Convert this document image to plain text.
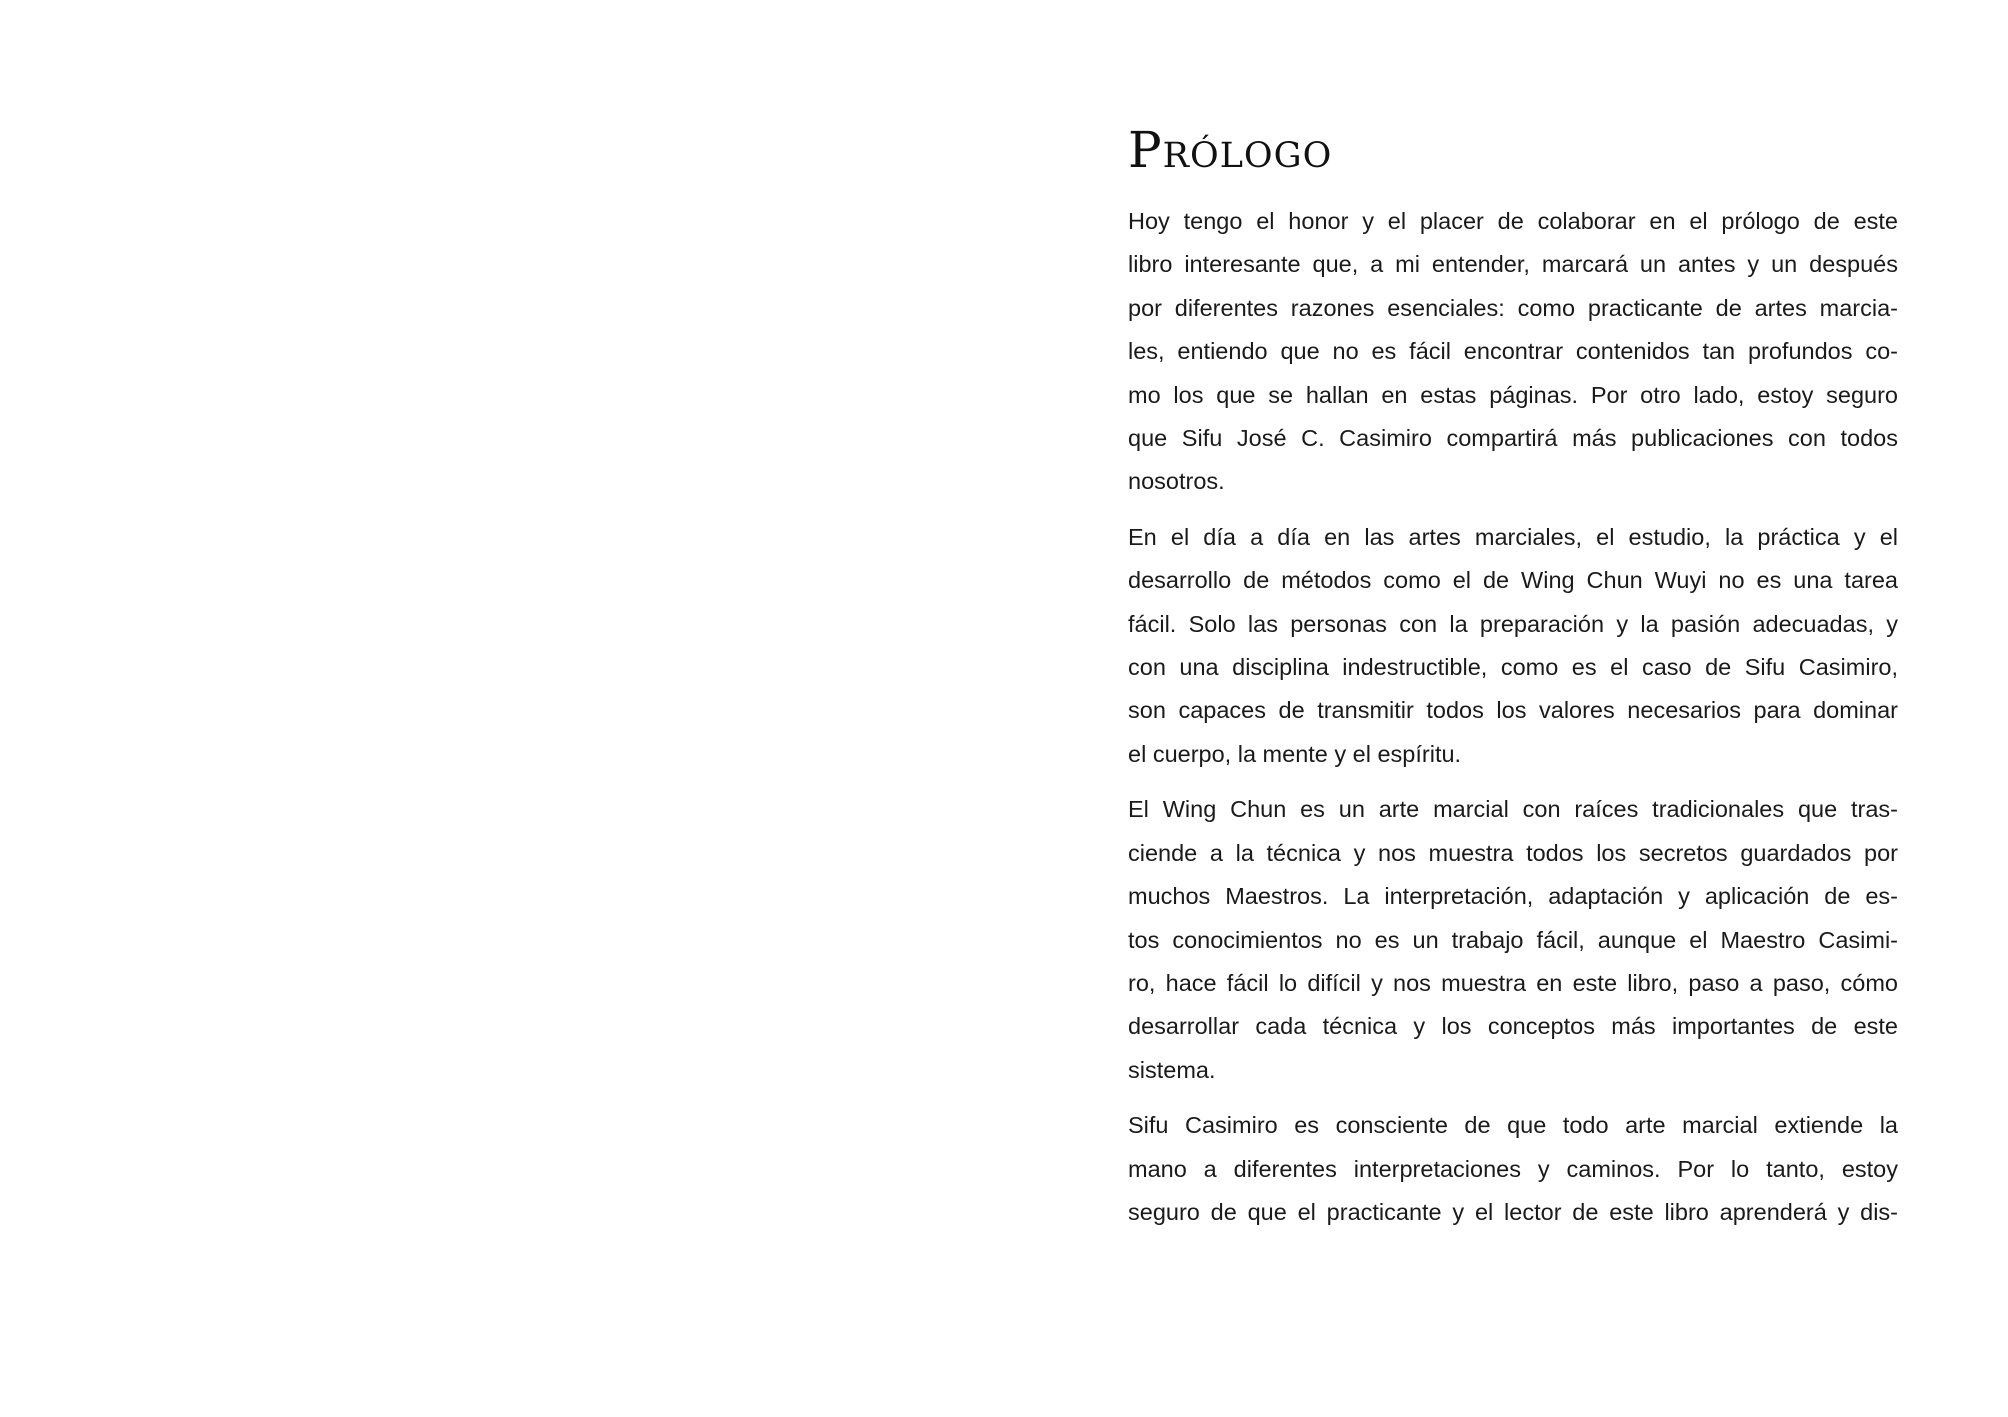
Prólogo
Hoy tengo el honor y el placer de colaborar en el prólogo de este
libro interesante que, a mi entender, marcará un antes y un después
por diferentes razones esenciales: como practicante de artes marcia-
les, entiendo que no es fácil encontrar contenidos tan profundos co-
mo los que se hallan en estas páginas. Por otro lado, estoy seguro
que Sifu José C. Casimiro compartirá más publicaciones con todos
nosotros.
En el día a día en las artes marciales, el estudio, la práctica y el
desarrollo de métodos como el de Wing Chun Wuyi no es una tarea
fácil. Solo las personas con la preparación y la pasión adecuadas, y
con una disciplina indestructible, como es el caso de Sifu Casimiro,
son capaces de transmitir todos los valores necesarios para dominar
el cuerpo, la mente y el espíritu.
El Wing Chun es un arte marcial con raíces tradicionales que tras-
ciende a la técnica y nos muestra todos los secretos guardados por
muchos Maestros. La interpretación, adaptación y aplicación de es-
tos conocimientos no es un trabajo fácil, aunque el Maestro Casimi-
ro, hace fácil lo difícil y nos muestra en este libro, paso a paso, cómo
desarrollar cada técnica y los conceptos más importantes de este
sistema.
Sifu Casimiro es consciente de que todo arte marcial extiende la
mano a diferentes interpretaciones y caminos. Por lo tanto, estoy
seguro de que el practicante y el lector de este libro aprenderá y dis-
